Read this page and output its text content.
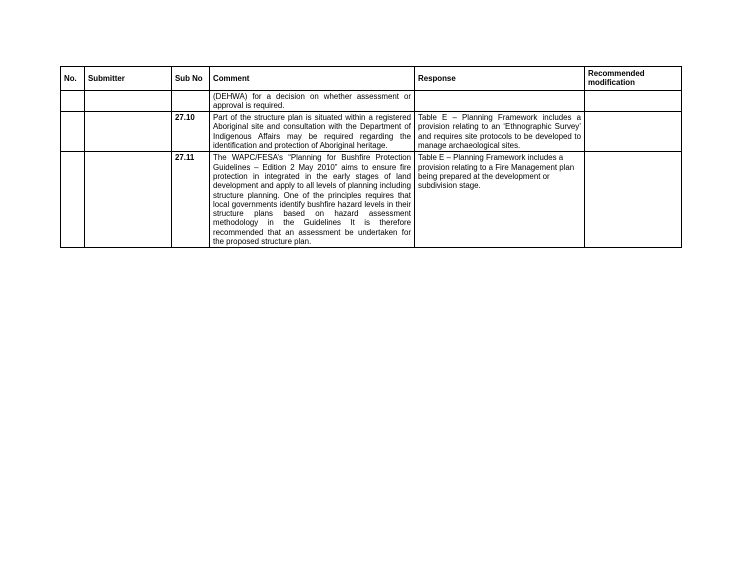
No.	Submitter	Sub No	Comment	Response	Recommended modification
			(DEHWA) for a decision on whether assessment or approval is required.		
		27.10	Part of the structure plan is situated within a registered Aboriginal site and consultation with the Department of Indigenous Affairs may be required regarding the identification and protection of Aboriginal heritage.	Table E – Planning Framework includes a provision relating to an ‘Ethnographic Survey’ and requires site protocols to be developed to manage archaeological sites.	
		27.11	The WAPC/FESA’s “Planning for Bushfire Protection Guidelines – Edition 2 May 2010” aims to ensure fire protection in integrated in the early stages of land development and apply to all levels of planning including structure planning. One of the principles requires that local governments identify bushfire hazard levels in their structure plans based on hazard assessment methodology in the Guidelines It is therefore recommended that an assessment be undertaken for the proposed structure plan.	Table E – Planning Framework includes a provision relating to a Fire Management plan being prepared at the development or subdivision stage.	
